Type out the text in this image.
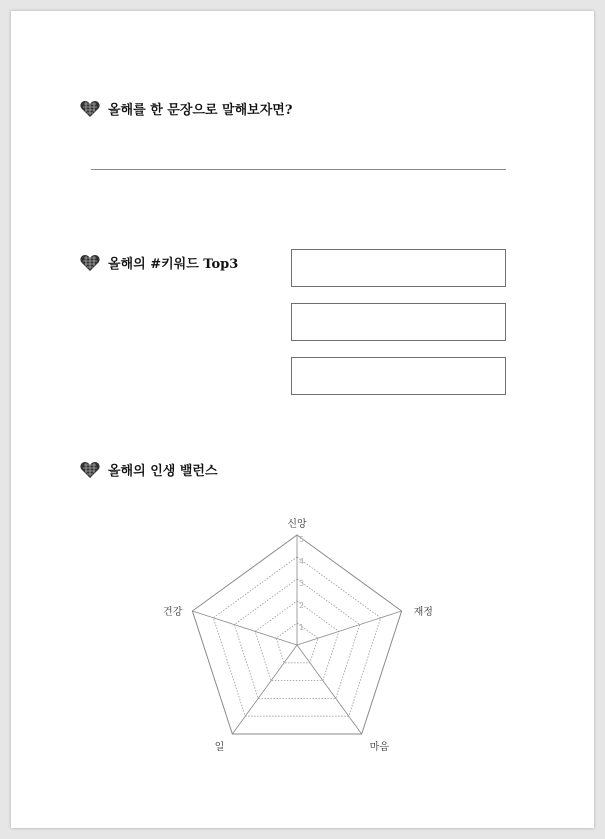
올해를 한 문장으로 말해보자면?
올해의 #키워드 Top3
올해의 인생 밸런스
1
2
3
4
5
신앙
재정
마음
일
건강
